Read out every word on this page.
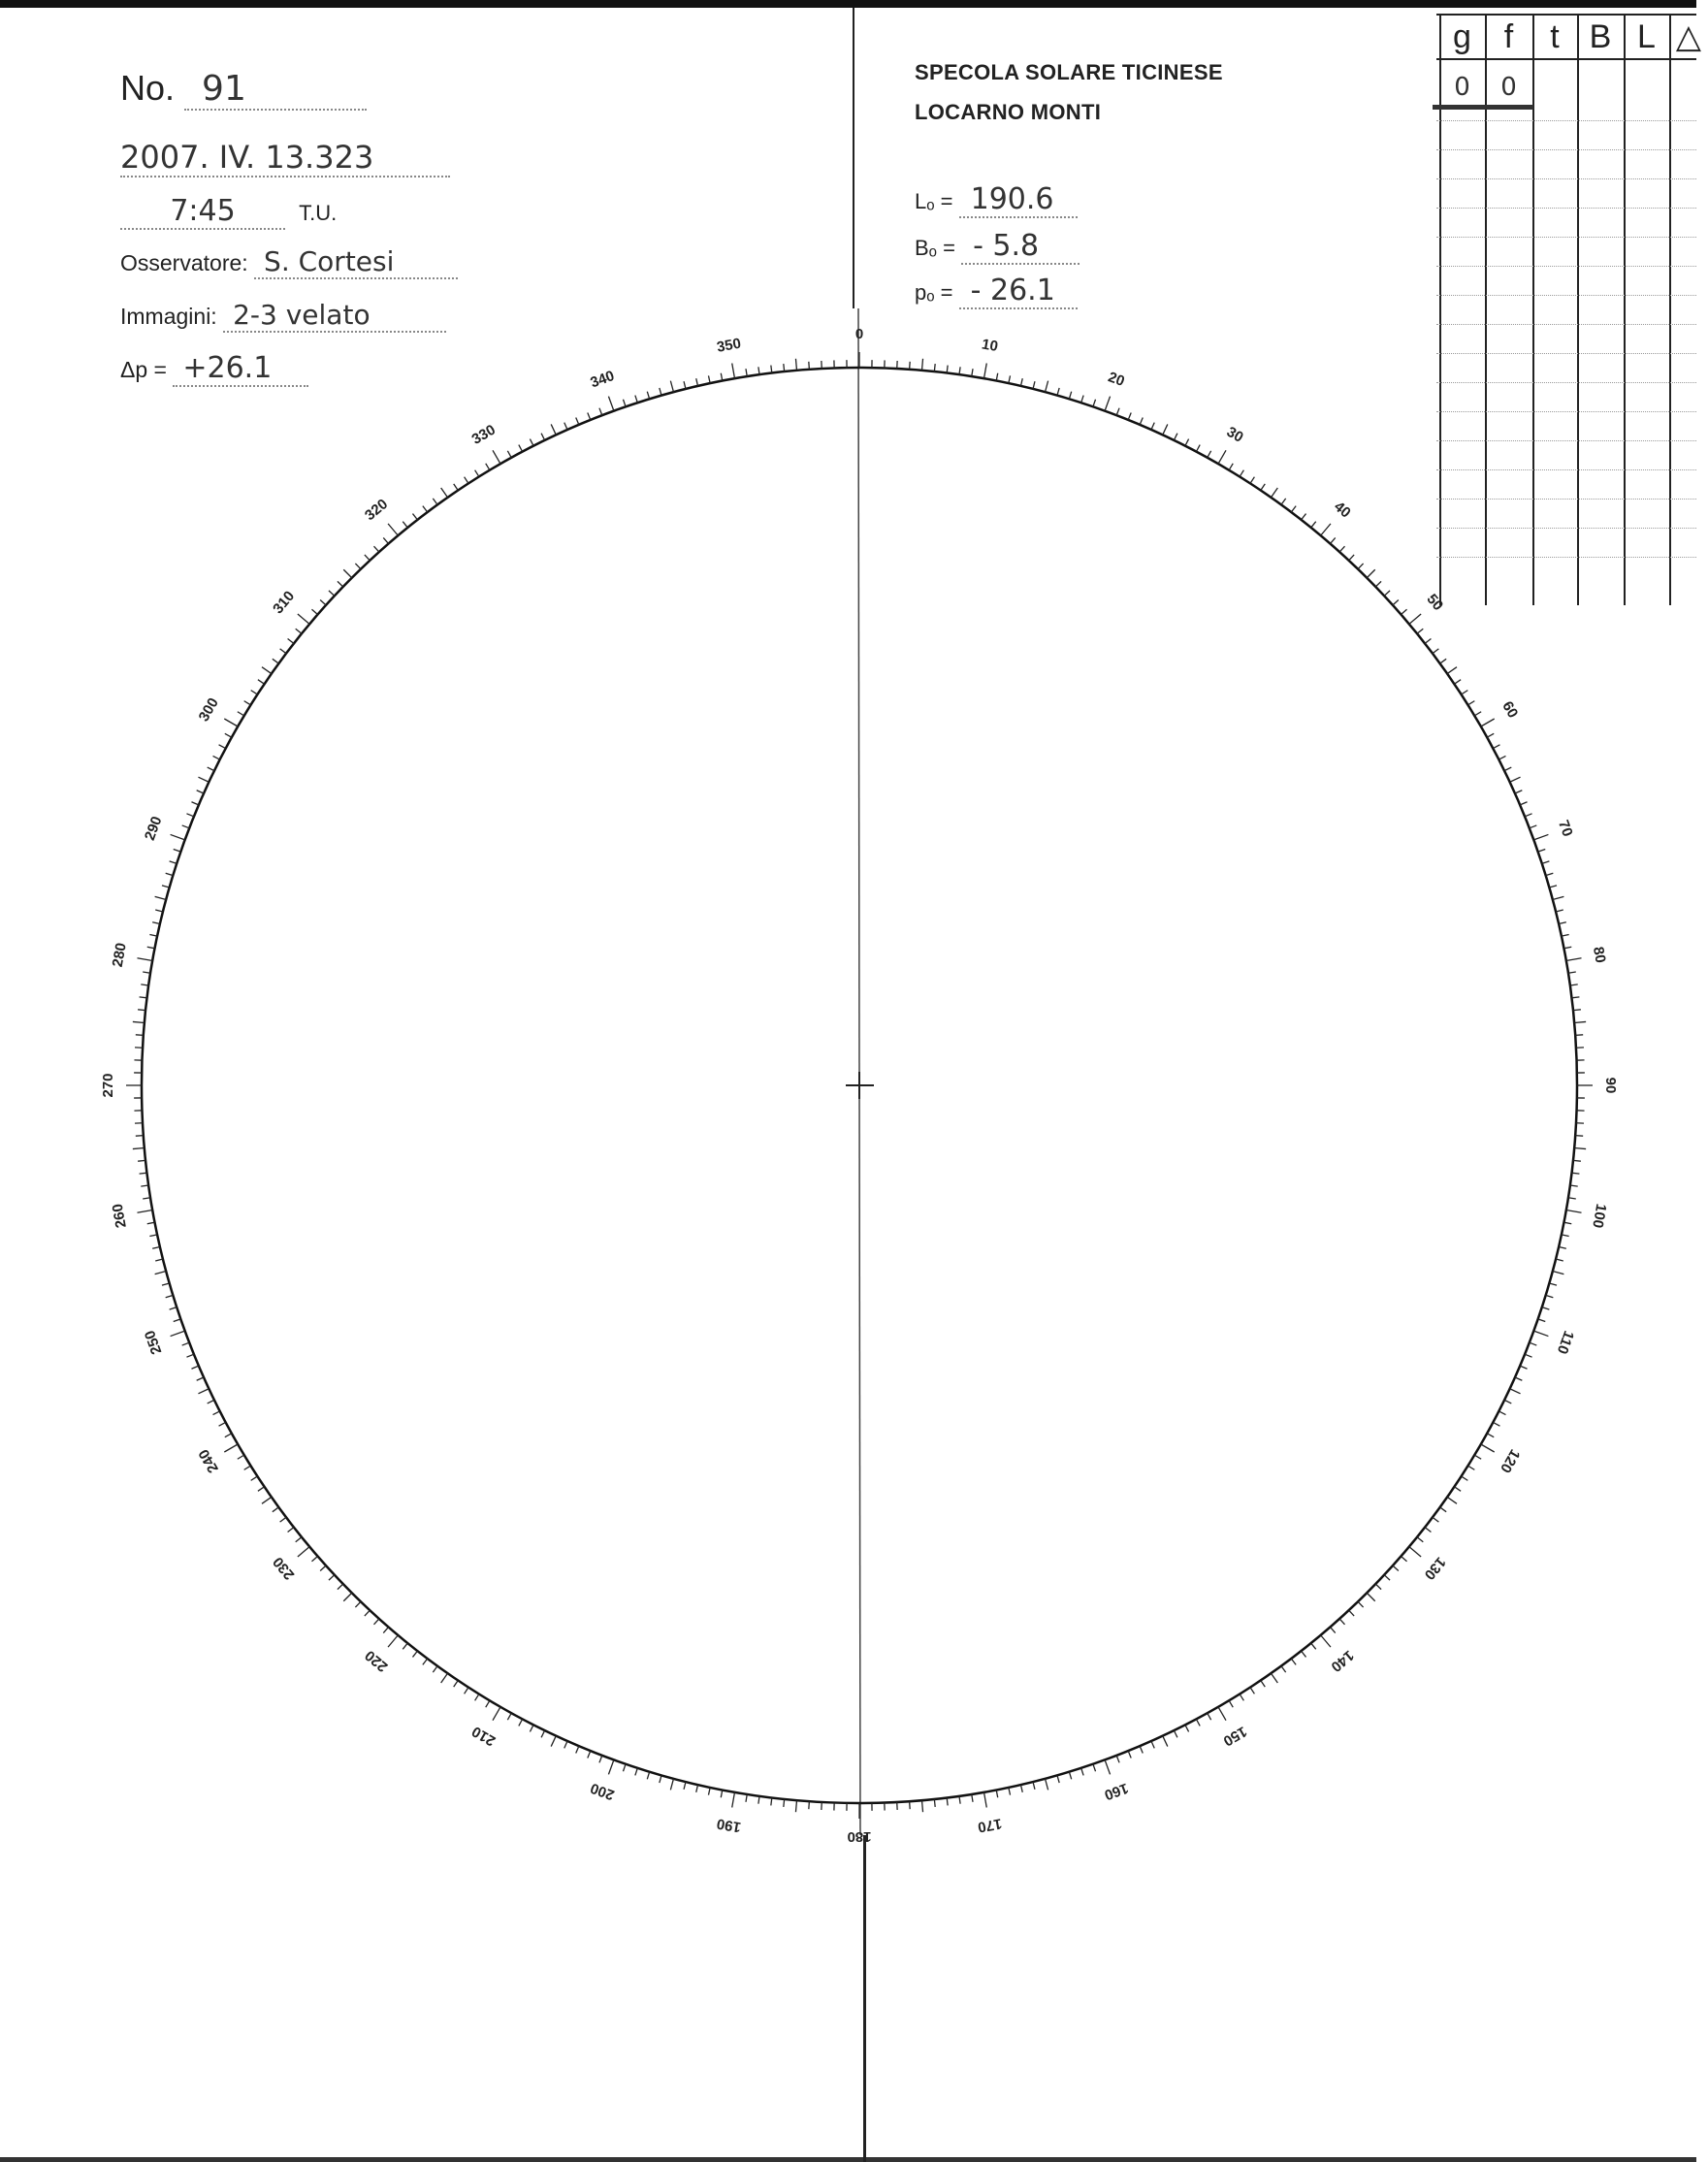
No. 91
2007. IV. 13.323
7:45	T.U.
Osservatore: S. Cortesi
Immagini: 2-3 velato
Δp = +26.1
SPECOLA SOLARE TICINESE
LOCARNO MONTI
Lₒ = 190.6
Bₒ = - 5.8
pₒ = - 26.1
g f	t B L △
0	0
0
10
20
30
40
50
60
70
80
90
100
110
120
130
140
150
160
170
180
190
200
210
220
230
240
250
260
270
280
290
300
310
320
330
340
350
